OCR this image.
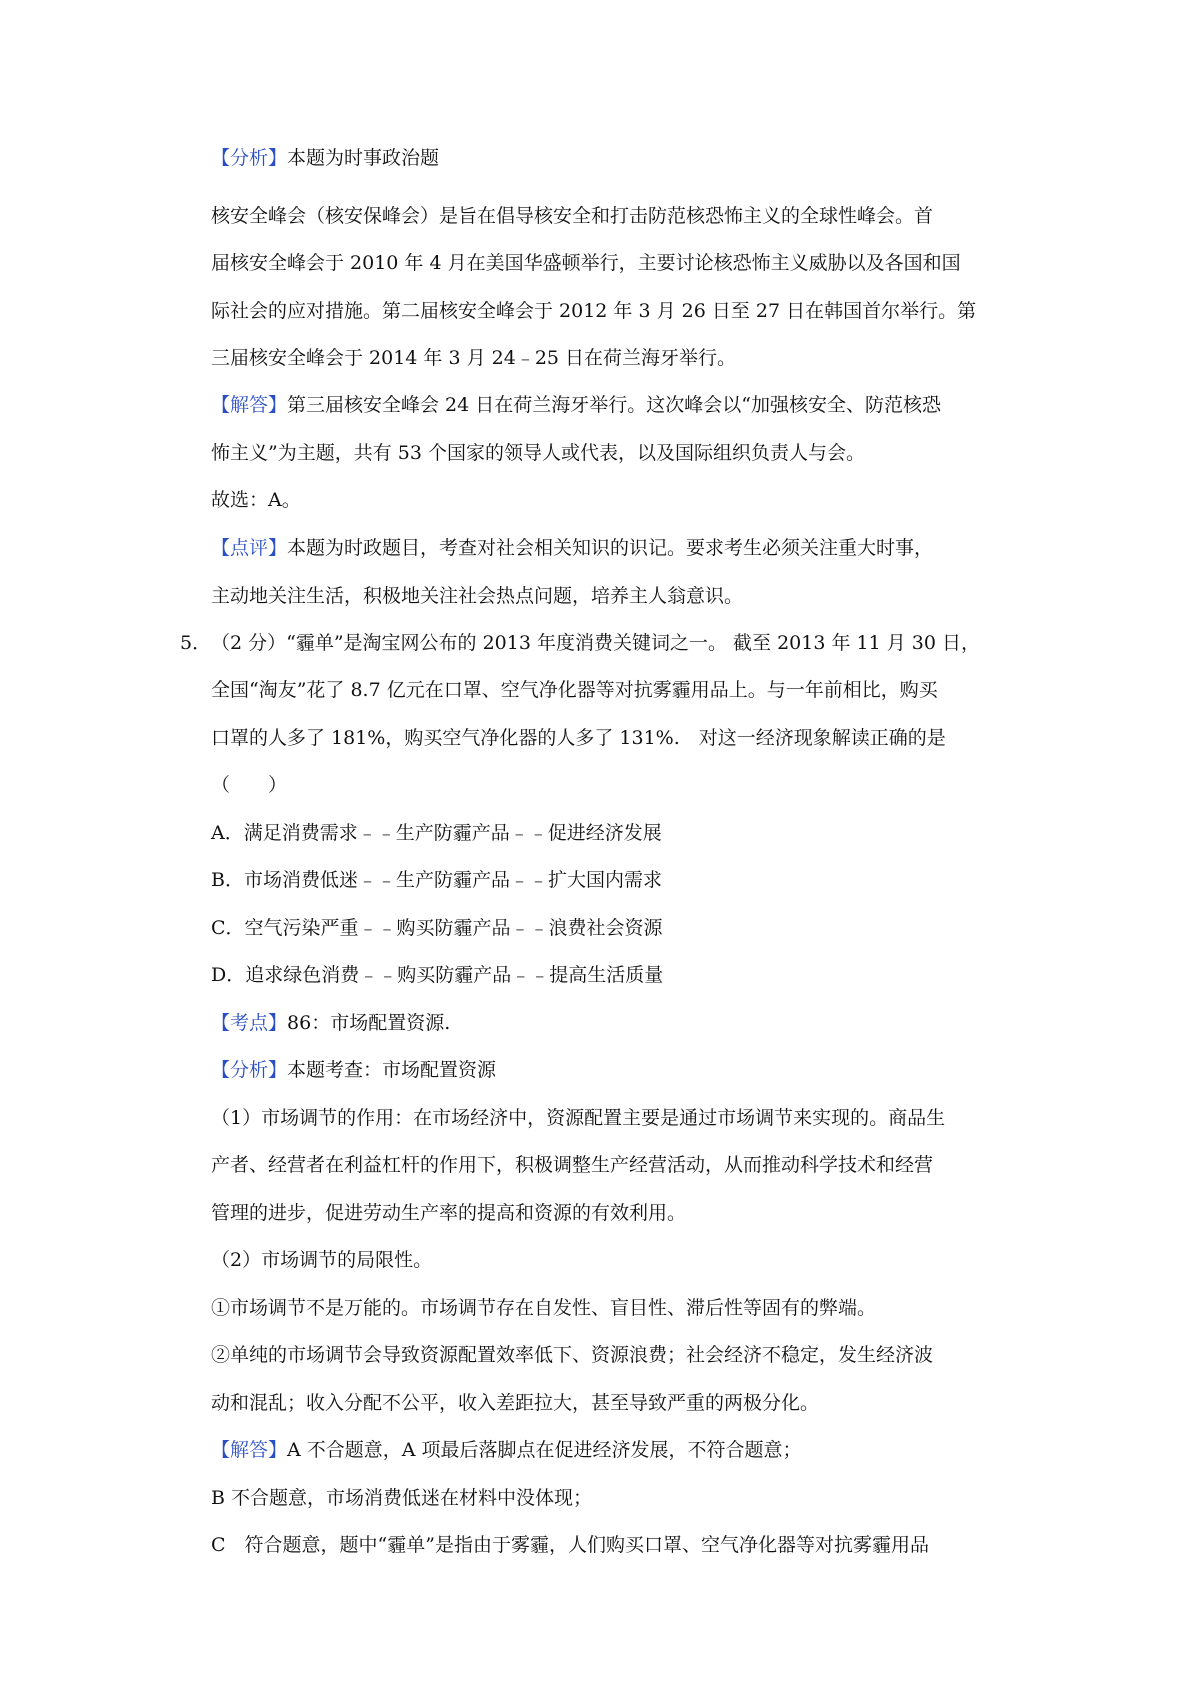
【分析】本题为时事政治题
核安全峰会（核安保峰会）是旨在倡导核安全和打击防范核恐怖主义的全球性峰会。首
届核安全峰会于 2010 年 4 月在美国华盛顿举行，主要讨论核恐怖主义威胁以及各国和国
际社会的应对措施。第二届核安全峰会于 2012 年 3 月 26 日至 27 日在韩国首尔举行。第
三届核安全峰会于 2014 年 3 月 24﹣25 日在荷兰海牙举行。
【解答】第三届核安全峰会 24 日在荷兰海牙举行。这次峰会以“加强核安全、防范核恐
怖主义”为主题，共有 53 个国家的领导人或代表，以及国际组织负责人与会。
故选：A。
【点评】本题为时政题目，考查对社会相关知识的识记。要求考生必须关注重大时事，
主动地关注生活，积极地关注社会热点问题，培养主人翁意识。
5． （2 分）“霾单”是淘宝网公布的 2013 年度消费关键词之一。 截至 2013 年 11 月 30 日，
全国“淘友”花了 8.7 亿元在口罩、空气净化器等对抗雾霾用品上。与一年前相比，购买
口罩的人多了 181%，购买空气净化器的人多了 131%.　对这一经济现象解读正确的是
（　　）
A．满足消费需求﹣﹣生产防霾产品﹣﹣促进经济发展
B．市场消费低迷﹣﹣生产防霾产品﹣﹣扩大国内需求
C．空气污染严重﹣﹣购买防霾产品﹣﹣浪费社会资源
D．追求绿色消费﹣﹣购买防霾产品﹣﹣提高生活质量
【考点】86：市场配置资源.
【分析】本题考查：市场配置资源
（1）市场调节的作用：在市场经济中，资源配置主要是通过市场调节来实现的。商品生
产者、经营者在利益杠杆的作用下，积极调整生产经营活动，从而推动科学技术和经营
管理的进步，促进劳动生产率的提高和资源的有效利用。
（2）市场调节的局限性。
①市场调节不是万能的。市场调节存在自发性、盲目性、滞后性等固有的弊端。
②单纯的市场调节会导致资源配置效率低下、资源浪费；社会经济不稳定，发生经济波
动和混乱；收入分配不公平，收入差距拉大，甚至导致严重的两极分化。
【解答】A 不合题意，A 项最后落脚点在促进经济发展，不符合题意；
B 不合题意，市场消费低迷在材料中没体现；
C　符合题意，题中“霾单”是指由于雾霾，人们购买口罩、空气净化器等对抗雾霾用品
